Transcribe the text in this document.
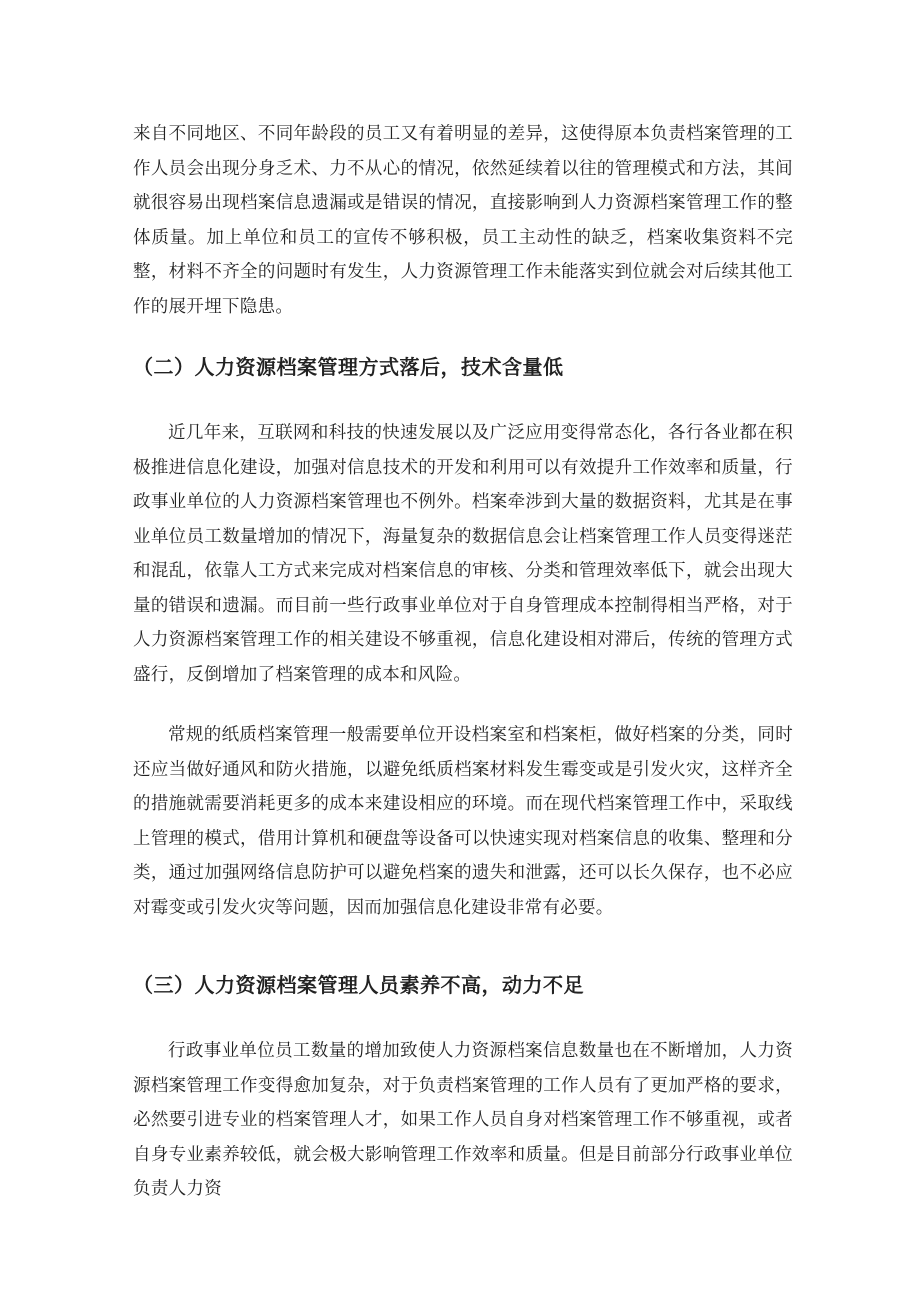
来自不同地区、不同年龄段的员工又有着明显的差异，这使得原本负责档案管理的工作人员会出现分身乏术、力不从心的情况，依然延续着以往的管理模式和方法，其间就很容易出现档案信息遗漏或是错误的情况，直接影响到人力资源档案管理工作的整体质量。加上单位和员工的宣传不够积极，员工主动性的缺乏，档案收集资料不完整，材料不齐全的问题时有发生，人力资源管理工作未能落实到位就会对后续其他工作的展开埋下隐患。

（二）人力资源档案管理方式落后，技术含量低

近几年来，互联网和科技的快速发展以及广泛应用变得常态化，各行各业都在积极推进信息化建设，加强对信息技术的开发和利用可以有效提升工作效率和质量，行政事业单位的人力资源档案管理也不例外。档案牵涉到大量的数据资料，尤其是在事业单位员工数量增加的情况下，海量复杂的数据信息会让档案管理工作人员变得迷茫和混乱，依靠人工方式来完成对档案信息的审核、分类和管理效率低下，就会出现大量的错误和遗漏。而目前一些行政事业单位对于自身管理成本控制得相当严格，对于人力资源档案管理工作的相关建设不够重视，信息化建设相对滞后，传统的管理方式盛行，反倒增加了档案管理的成本和风险。

常规的纸质档案管理一般需要单位开设档案室和档案柜，做好档案的分类，同时还应当做好通风和防火措施，以避免纸质档案材料发生霉变或是引发火灾，这样齐全的措施就需要消耗更多的成本来建设相应的环境。而在现代档案管理工作中，采取线上管理的模式，借用计算机和硬盘等设备可以快速实现对档案信息的收集、整理和分类，通过加强网络信息防护可以避免档案的遗失和泄露，还可以长久保存，也不必应对霉变或引发火灾等问题，因而加强信息化建设非常有必要。

（三）人力资源档案管理人员素养不高，动力不足

行政事业单位员工数量的增加致使人力资源档案信息数量也在不断增加，人力资源档案管理工作变得愈加复杂，对于负责档案管理的工作人员有了更加严格的要求，必然要引进专业的档案管理人才，如果工作人员自身对档案管理工作不够重视，或者自身专业素养较低，就会极大影响管理工作效率和质量。但是目前部分行政事业单位负责人力资
